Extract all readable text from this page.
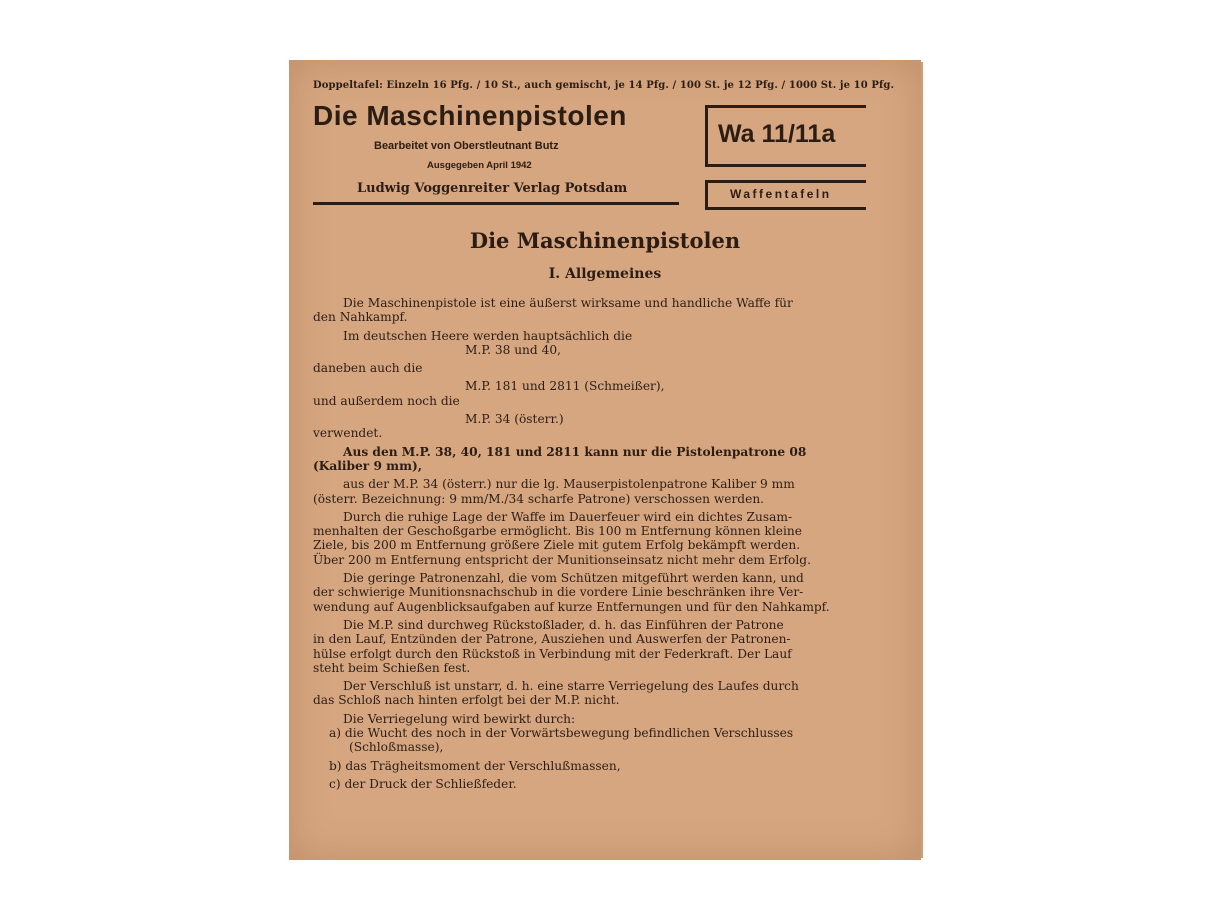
Doppeltafel: Einzeln 16 Pfg. / 10 St., auch gemischt, je 14 Pfg. / 100 St. je 12 Pfg. / 1000 St. je 10 Pfg.
Die Maschinenpistolen
Bearbeitet von Oberstleutnant Butz
Ausgegeben April 1942
Ludwig Voggenreiter Verlag Potsdam
Wa 11/11a
Waffentafeln
Die Maschinenpistolen
I. Allgemeines
Die Maschinenpistole ist eine äußerst wirksame und handliche Waffe für
den Nahkampf.
Im deutschen Heere werden hauptsächlich die
M.P. 38 und 40,
daneben auch die
M.P. 181 und 2811 (Schmeißer),
und außerdem noch die
M.P. 34 (österr.)
verwendet.
Aus den M.P. 38, 40, 181 und 2811 kann nur die Pistolenpatrone 08
(Kaliber 9 mm),
aus der M.P. 34 (österr.) nur die lg. Mauserpistolenpatrone Kaliber 9 mm
(österr. Bezeichnung: 9 mm/M./34 scharfe Patrone) verschossen werden.
Durch die ruhige Lage der Waffe im Dauerfeuer wird ein dichtes Zusam-
menhalten der Geschoßgarbe ermöglicht. Bis 100 m Entfernung können kleine
Ziele, bis 200 m Entfernung größere Ziele mit gutem Erfolg bekämpft werden.
Über 200 m Entfernung entspricht der Munitionseinsatz nicht mehr dem Erfolg.
Die geringe Patronenzahl, die vom Schützen mitgeführt werden kann, und
der schwierige Munitionsnachschub in die vordere Linie beschränken ihre Ver-
wendung auf Augenblicksaufgaben auf kurze Entfernungen und für den Nahkampf.
Die M.P. sind durchweg Rückstoßlader, d. h. das Einführen der Patrone
in den Lauf, Entzünden der Patrone, Ausziehen und Auswerfen der Patronen-
hülse erfolgt durch den Rückstoß in Verbindung mit der Federkraft. Der Lauf
steht beim Schießen fest.
Der Verschluß ist unstarr, d. h. eine starre Verriegelung des Laufes durch
das Schloß nach hinten erfolgt bei der M.P. nicht.
Die Verriegelung wird bewirkt durch:
a) die Wucht des noch in der Vorwärtsbewegung befindlichen Verschlusses
(Schloßmasse),
b) das Trägheitsmoment der Verschlußmassen,
c) der Druck der Schließfeder.
